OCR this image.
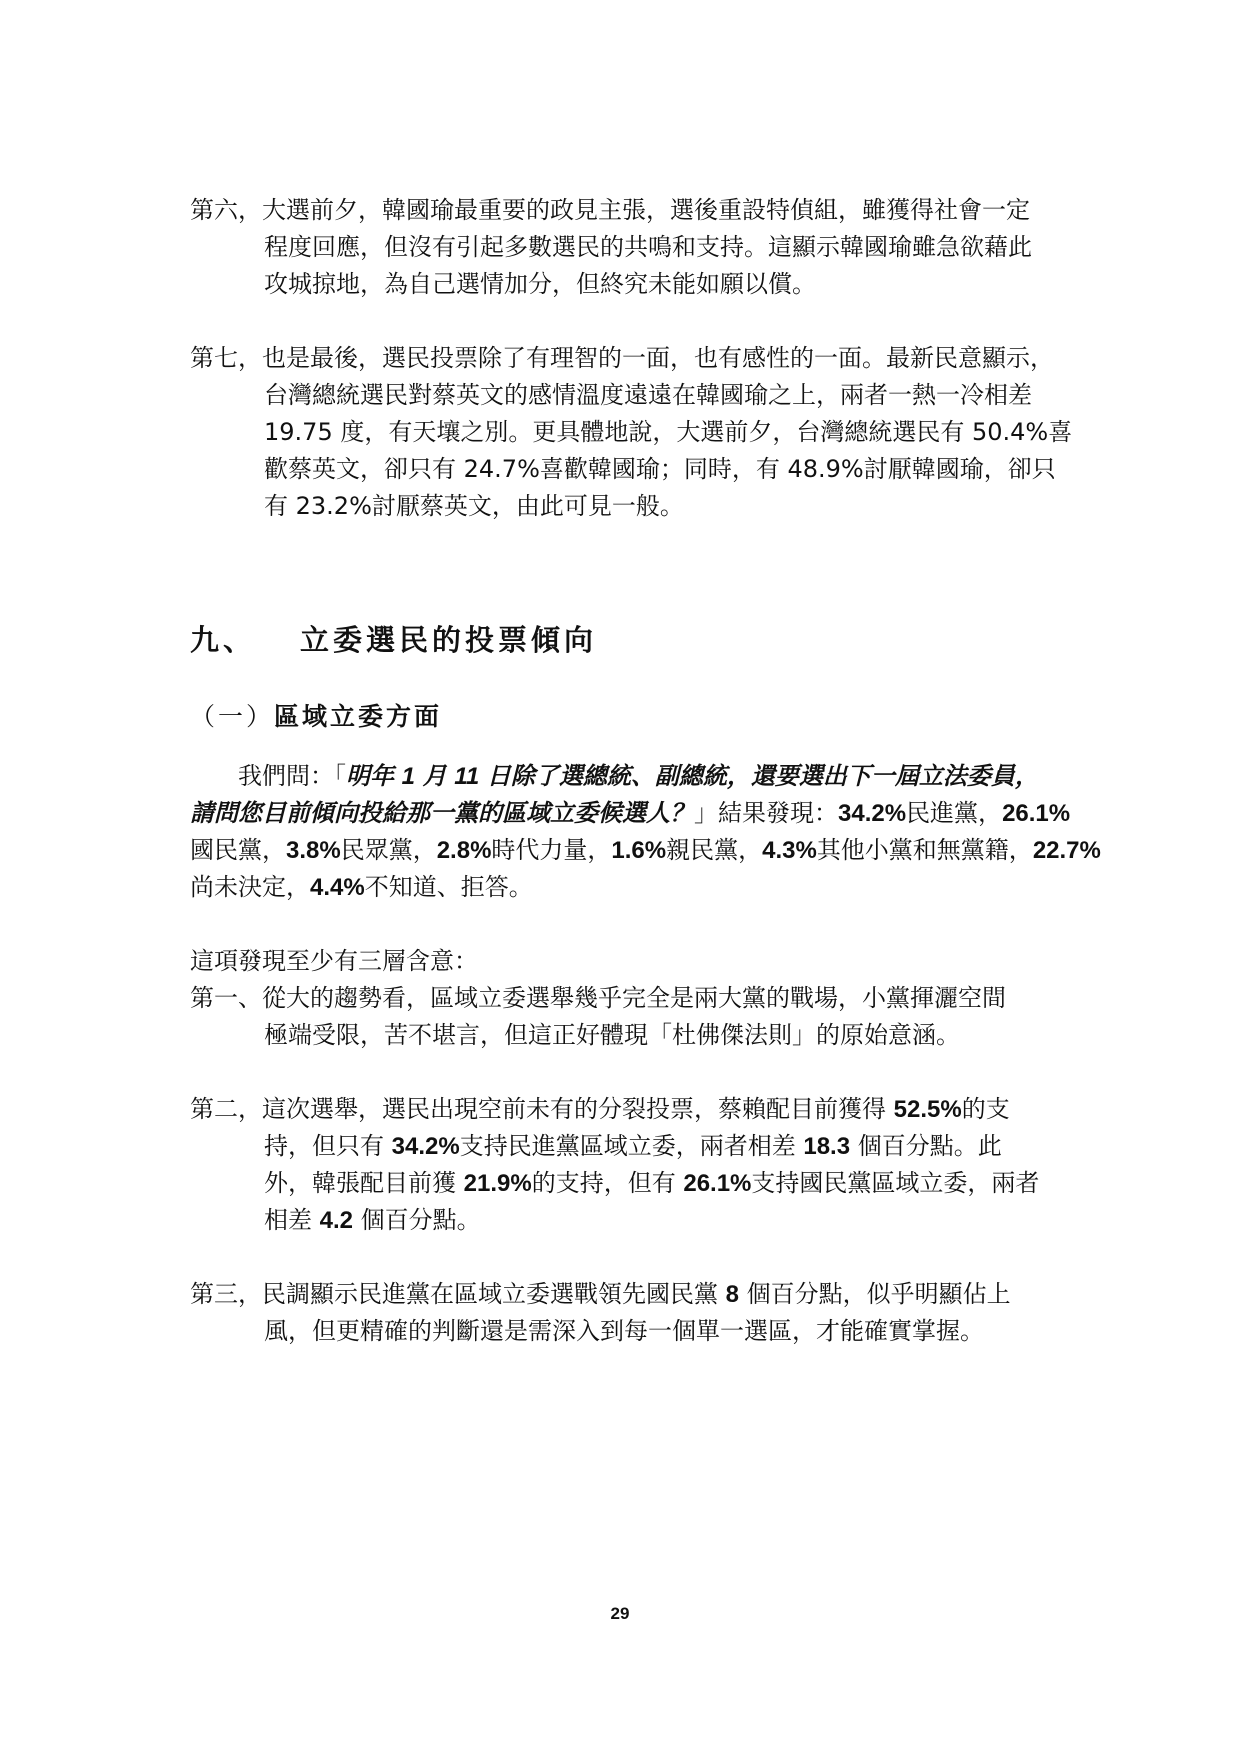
第六，大選前夕，韓國瑜最重要的政見主張，選後重設特偵組，雖獲得社會一定
程度回應，但沒有引起多數選民的共鳴和支持。這顯示韓國瑜雖急欲藉此
攻城掠地，為自己選情加分，但終究未能如願以償。
第七，也是最後，選民投票除了有理智的一面，也有感性的一面。最新民意顯示，
台灣總統選民對蔡英文的感情溫度遠遠在韓國瑜之上，兩者一熱一冷相差
19.75 度，有天壤之別。更具體地說，大選前夕，台灣總統選民有 50.4%喜
歡蔡英文，卻只有 24.7%喜歡韓國瑜；同時，有 48.9%討厭韓國瑜，卻只
有 23.2%討厭蔡英文，由此可見一般。
九、 立委選民的投票傾向
（一）區域立委方面
我們問：「明年 1 月 11 日除了選總統、副總統，還要選出下一屆立法委員，
請問您目前傾向投給那一黨的區域立委候選人？」結果發現：34.2%民進黨，26.1%
國民黨，3.8%民眾黨，2.8%時代力量，1.6%親民黨，4.3%其他小黨和無黨籍，22.7%
尚未決定，4.4%不知道、拒答。
這項發現至少有三層含意：
第一、從大的趨勢看，區域立委選舉幾乎完全是兩大黨的戰場，小黨揮灑空間
極端受限，苦不堪言，但這正好體現「杜佛傑法則」的原始意涵。
第二，這次選舉，選民出現空前未有的分裂投票，蔡賴配目前獲得 52.5%的支
持，但只有 34.2%支持民進黨區域立委，兩者相差 18.3 個百分點。此
外，韓張配目前獲 21.9%的支持，但有 26.1%支持國民黨區域立委，兩者
相差 4.2 個百分點。
第三，民調顯示民進黨在區域立委選戰領先國民黨 8 個百分點，似乎明顯佔上
風，但更精確的判斷還是需深入到每一個單一選區，才能確實掌握。
29
